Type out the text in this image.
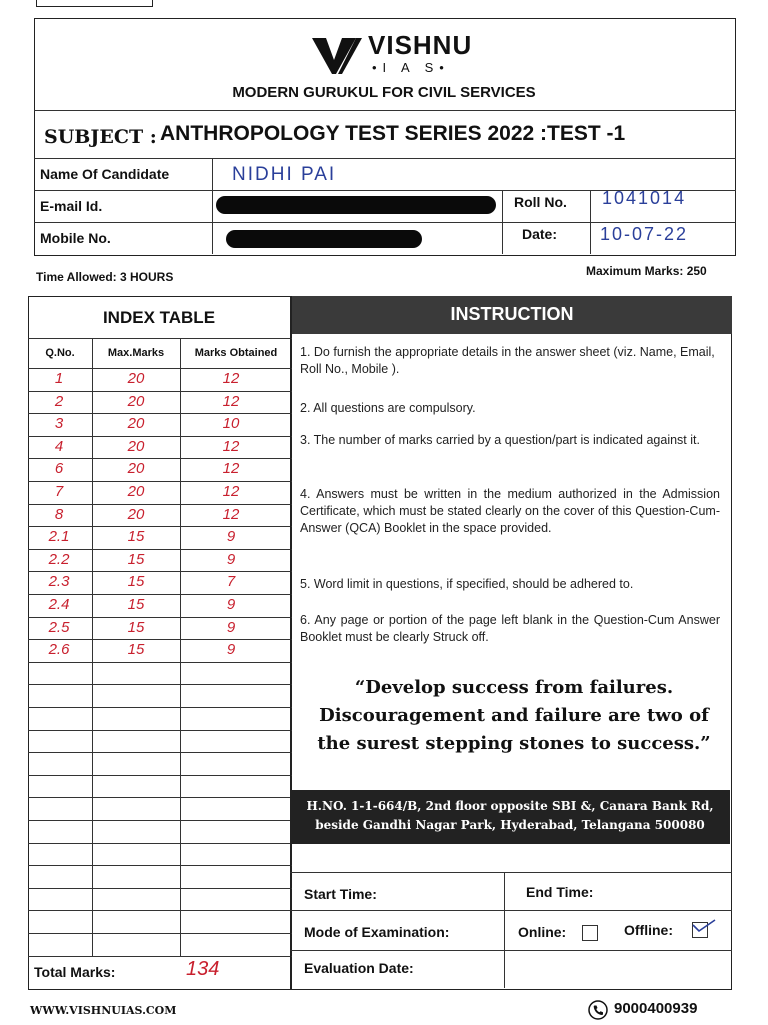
VISHNU
•I A S•
MODERN GURUKUL FOR CIVIL SERVICES
SUBJECT : ANTHROPOLOGY TEST SERIES 2022 :TEST -1
Name Of Candidate	NIDHI PAI
E-mail Id.	Roll No. 1041014
Mobile No.	Date: 10-07-22
Time Allowed: 3 HOURS	Maximum Marks: 250
INDEX TABLE
Q.No.	Max.Marks	Marks Obtained
1	20	12
2	20	12
3	20	10
4	20	12
6	20	12
7	20	12
8	20	12
2.1	15	9
2.2	15	9
2.3	15	7
2.4	15	9
2.5	15	9
2.6	15	9
Total Marks:	134
INSTRUCTION
1. Do furnish the appropriate details in the answer sheet (viz. Name, Email, Roll No., Mobile ).
2. All questions are compulsory.
3. The number of marks carried by a question/part is indicated against it.
4. Answers must be written in the medium authorized in the Admission Certificate, which must be stated clearly on the cover of this Question-Cum-Answer (QCA) Booklet in the space provided.
5. Word limit in questions, if specified, should be adhered to.
6. Any page or portion of the page left blank in the Question-Cum Answer Booklet must be clearly Struck off.
“Develop success from failures.
Discouragement and failure are two of
the surest stepping stones to success.”
H.NO. 1-1-664/B, 2nd floor opposite SBI &, Canara Bank Rd,
beside Gandhi Nagar Park, Hyderabad, Telangana 500080
Start Time:	End Time:
Mode of Examination:	Online:	Offline:
Evaluation Date:
WWW.VISHNUIAS.COM	9000400939
